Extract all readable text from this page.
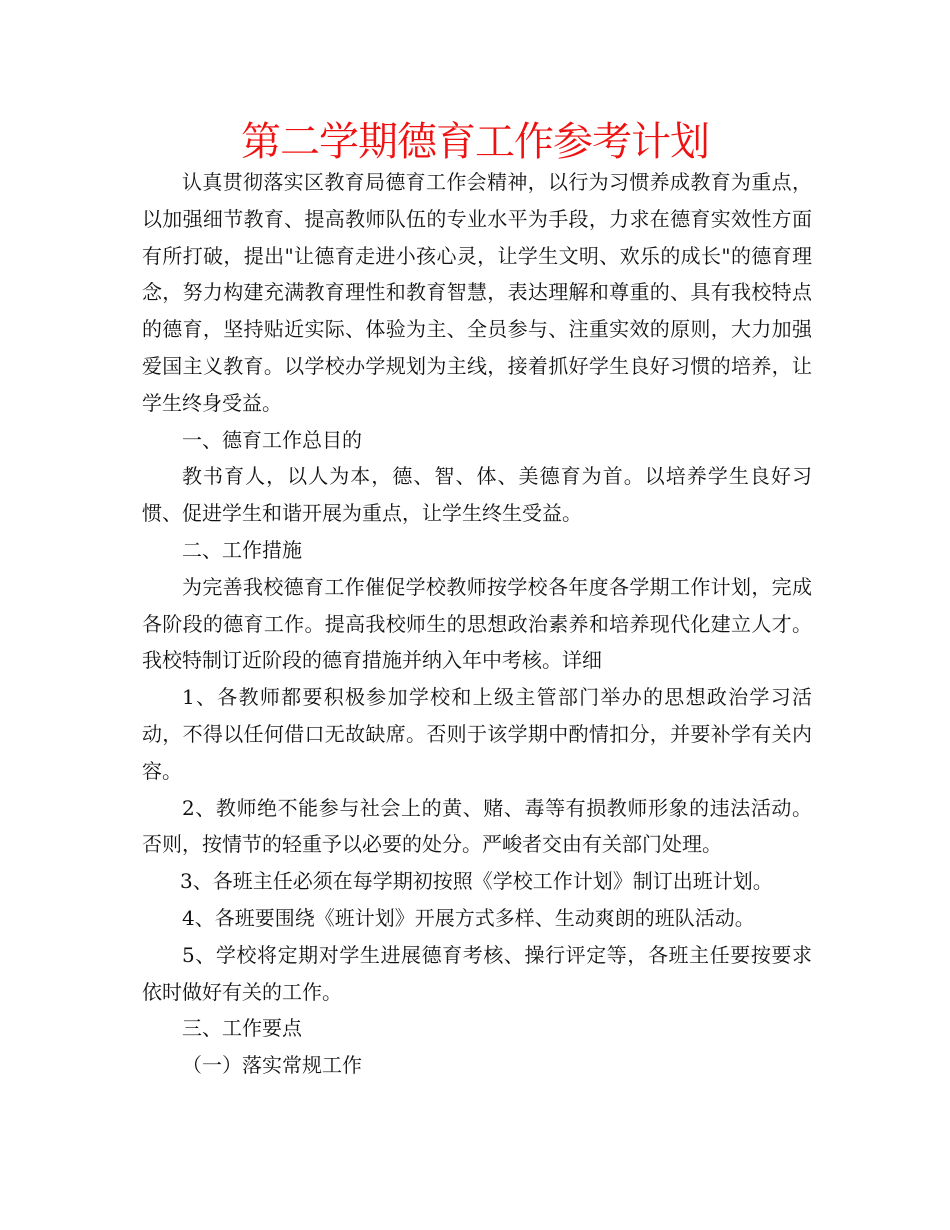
第二学期德育工作参考计划

认真贯彻落实区教育局德育工作会精神，以行为习惯养成教育为重点，以加强细节教育、提高教师队伍的专业水平为手段，力求在德育实效性方面有所打破，提出"让德育走进小孩心灵，让学生文明、欢乐的成长"的德育理念，努力构建充满教育理性和教育智慧，表达理解和尊重的、具有我校特点的德育，坚持贴近实际、体验为主、全员参与、注重实效的原则，大力加强爱国主义教育。以学校办学规划为主线，接着抓好学生良好习惯的培养，让学生终身受益。

一、德育工作总目的

教书育人，以人为本，德、智、体、美德育为首。以培养学生良好习惯、促进学生和谐开展为重点，让学生终生受益。

二、工作措施

为完善我校德育工作催促学校教师按学校各年度各学期工作计划，完成各阶段的德育工作。提高我校师生的思想政治素养和培养现代化建立人才。我校特制订近阶段的德育措施并纳入年中考核。详细

1、各教师都要积极参加学校和上级主管部门举办的思想政治学习活动，不得以任何借口无故缺席。否则于该学期中酌情扣分，并要补学有关内容。

2、教师绝不能参与社会上的黄、赌、毒等有损教师形象的违法活动。否则，按情节的轻重予以必要的处分。严峻者交由有关部门处理。

3、各班主任必须在每学期初按照《学校工作计划》制订出班计划。

4、各班要围绕《班计划》开展方式多样、生动爽朗的班队活动。

5、学校将定期对学生进展德育考核、操行评定等，各班主任要按要求依时做好有关的工作。

三、工作要点

（一）落实常规工作
